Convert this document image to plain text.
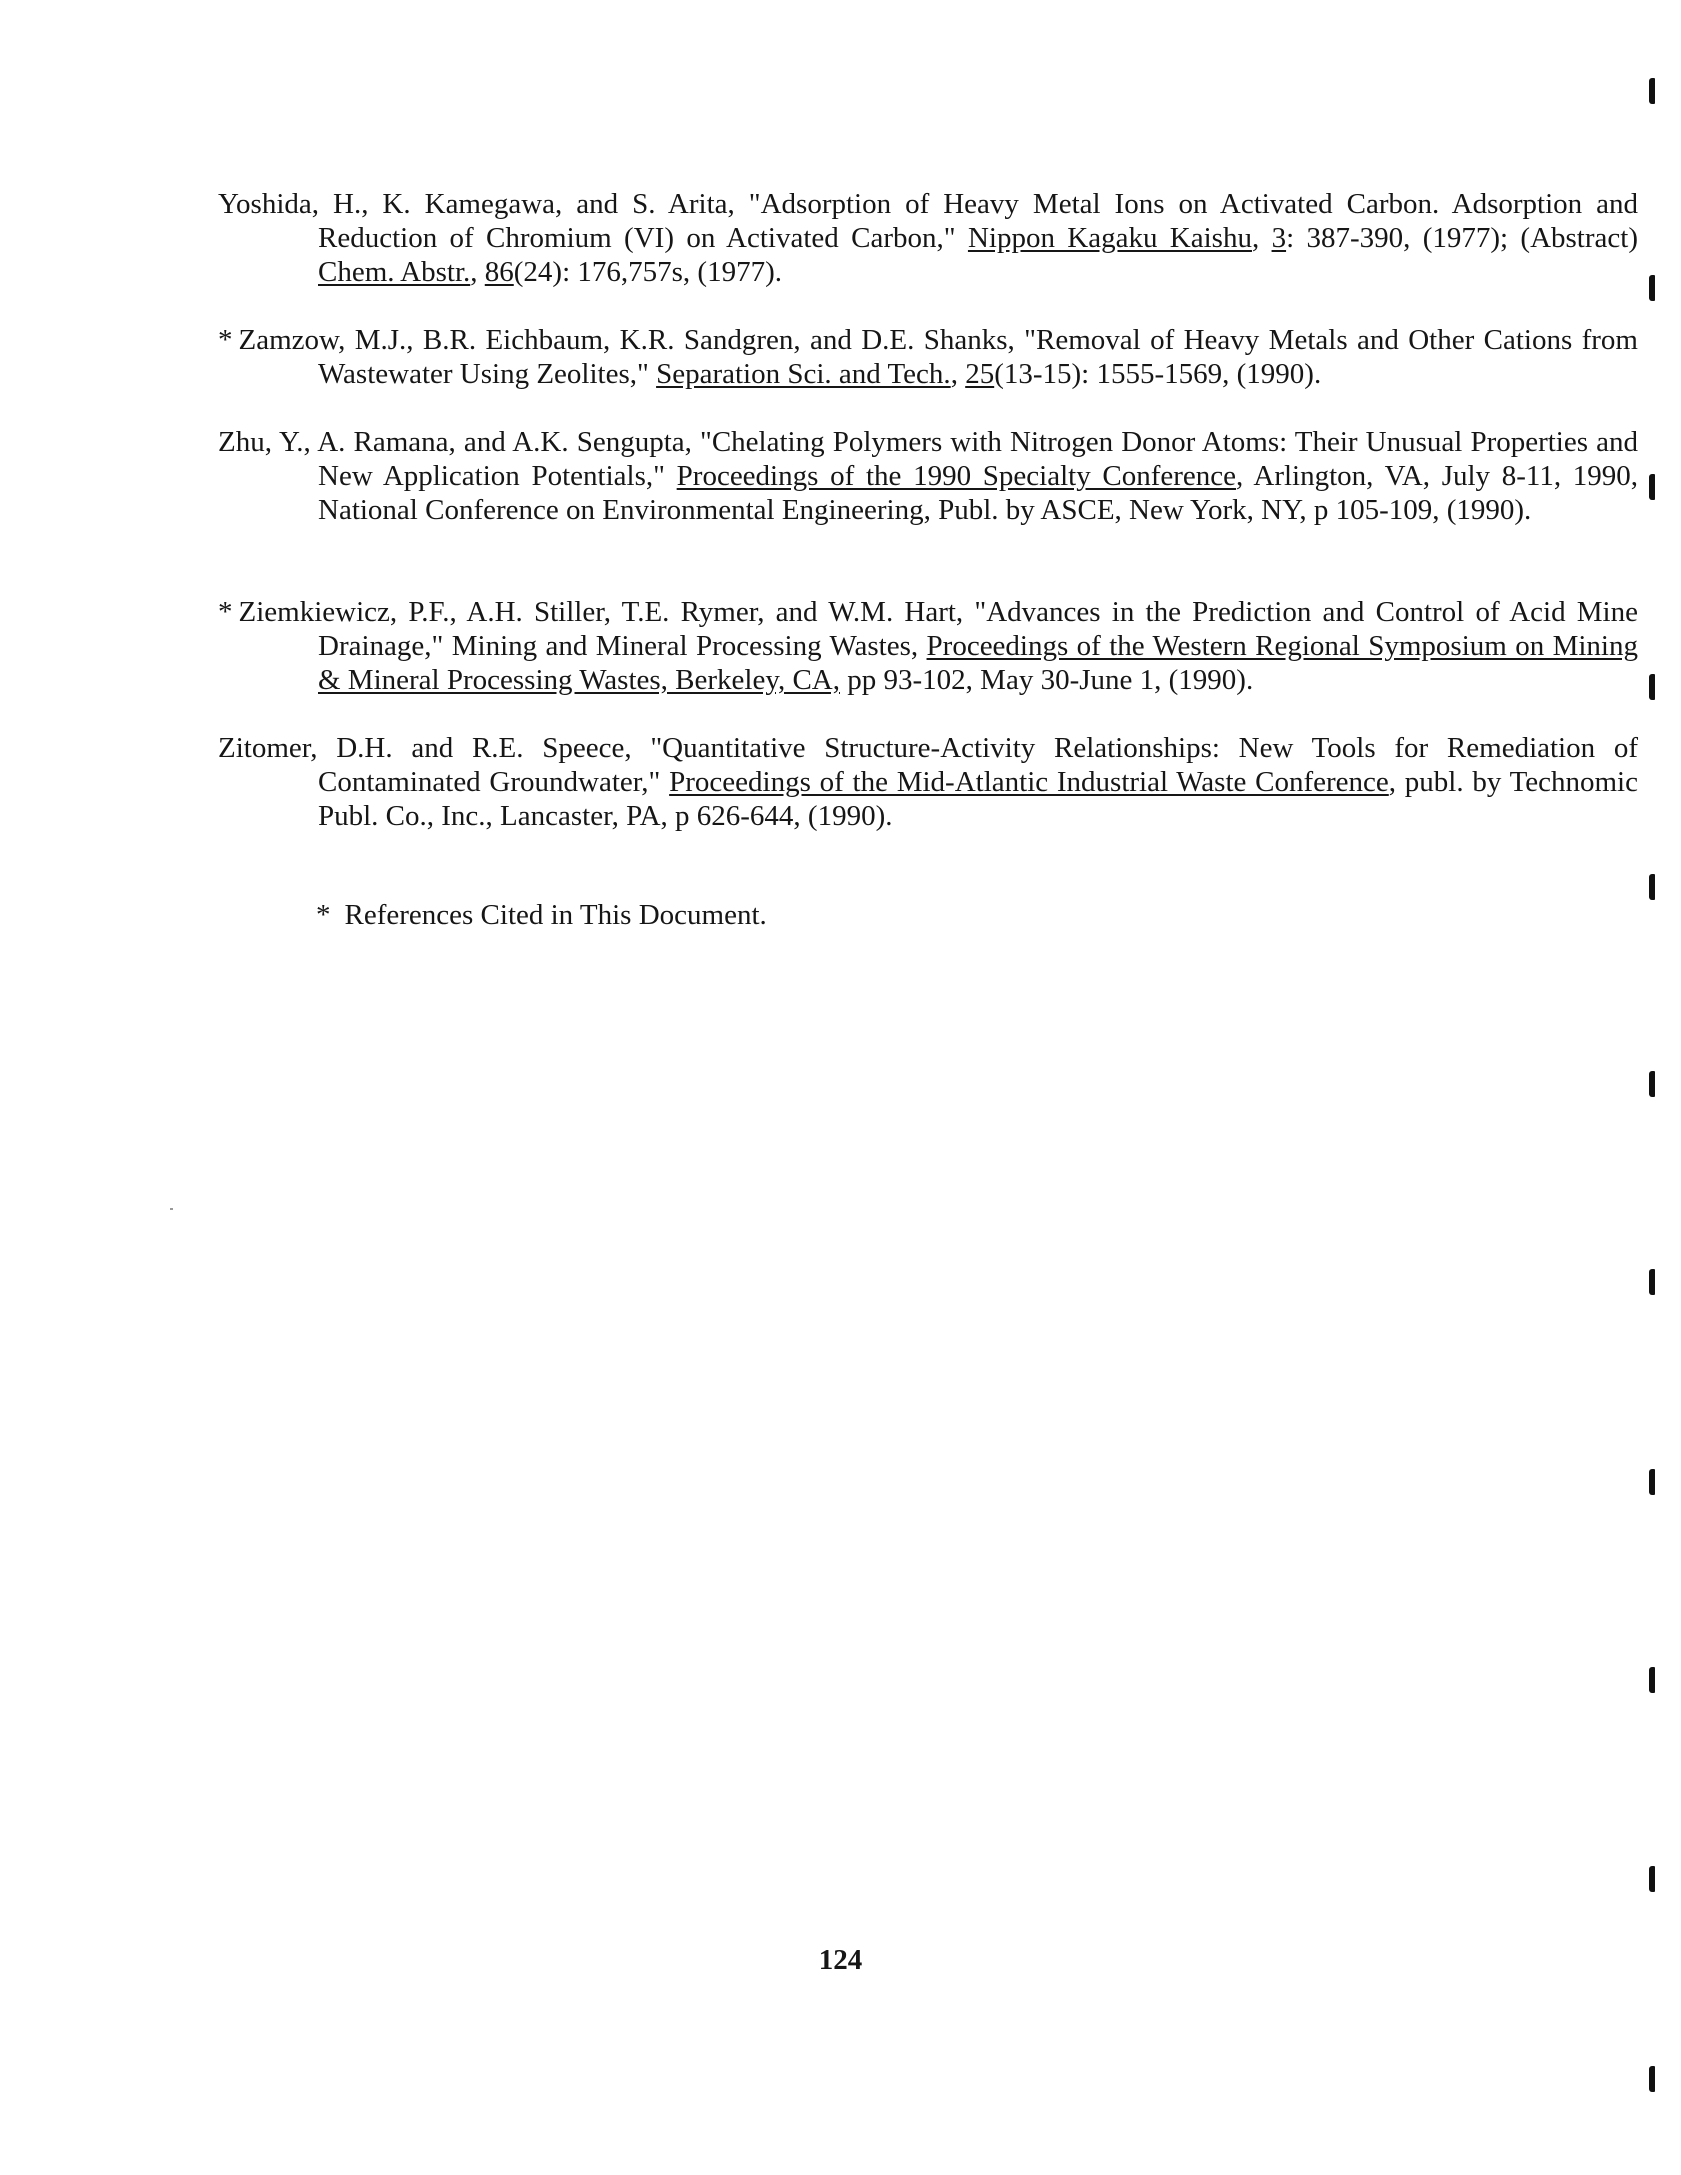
Yoshida, H., K. Kamegawa, and S. Arita, "Adsorption of Heavy Metal Ions on Activated Carbon. Adsorption and Reduction of Chromium (VI) on Activated Carbon," Nippon Kagaku Kaishu, 3: 387-390, (1977); (Abstract) Chem. Abstr., 86(24): 176,757s, (1977).
* Zamzow, M.J., B.R. Eichbaum, K.R. Sandgren, and D.E. Shanks, "Removal of Heavy Metals and Other Cations from Wastewater Using Zeolites," Separation Sci. and Tech., 25(13-15): 1555-1569, (1990).
Zhu, Y., A. Ramana, and A.K. Sengupta, "Chelating Polymers with Nitrogen Donor Atoms: Their Unusual Properties and New Application Potentials," Proceedings of the 1990 Specialty Conference, Arlington, VA, July 8-11, 1990, National Conference on Environmental Engineering, Publ. by ASCE, New York, NY, p 105-109, (1990).
* Ziemkiewicz, P.F., A.H. Stiller, T.E. Rymer, and W.M. Hart, "Advances in the Prediction and Control of Acid Mine Drainage," Mining and Mineral Processing Wastes, Proceedings of the Western Regional Symposium on Mining & Mineral Processing Wastes, Berkeley, CA, pp 93-102, May 30-June 1, (1990).
Zitomer, D.H. and R.E. Speece, "Quantitative Structure-Activity Relationships: New Tools for Remediation of Contaminated Groundwater," Proceedings of the Mid-Atlantic Industrial Waste Conference, publ. by Technomic Publ. Co., Inc., Lancaster, PA, p 626-644, (1990).
* References Cited in This Document.
124
